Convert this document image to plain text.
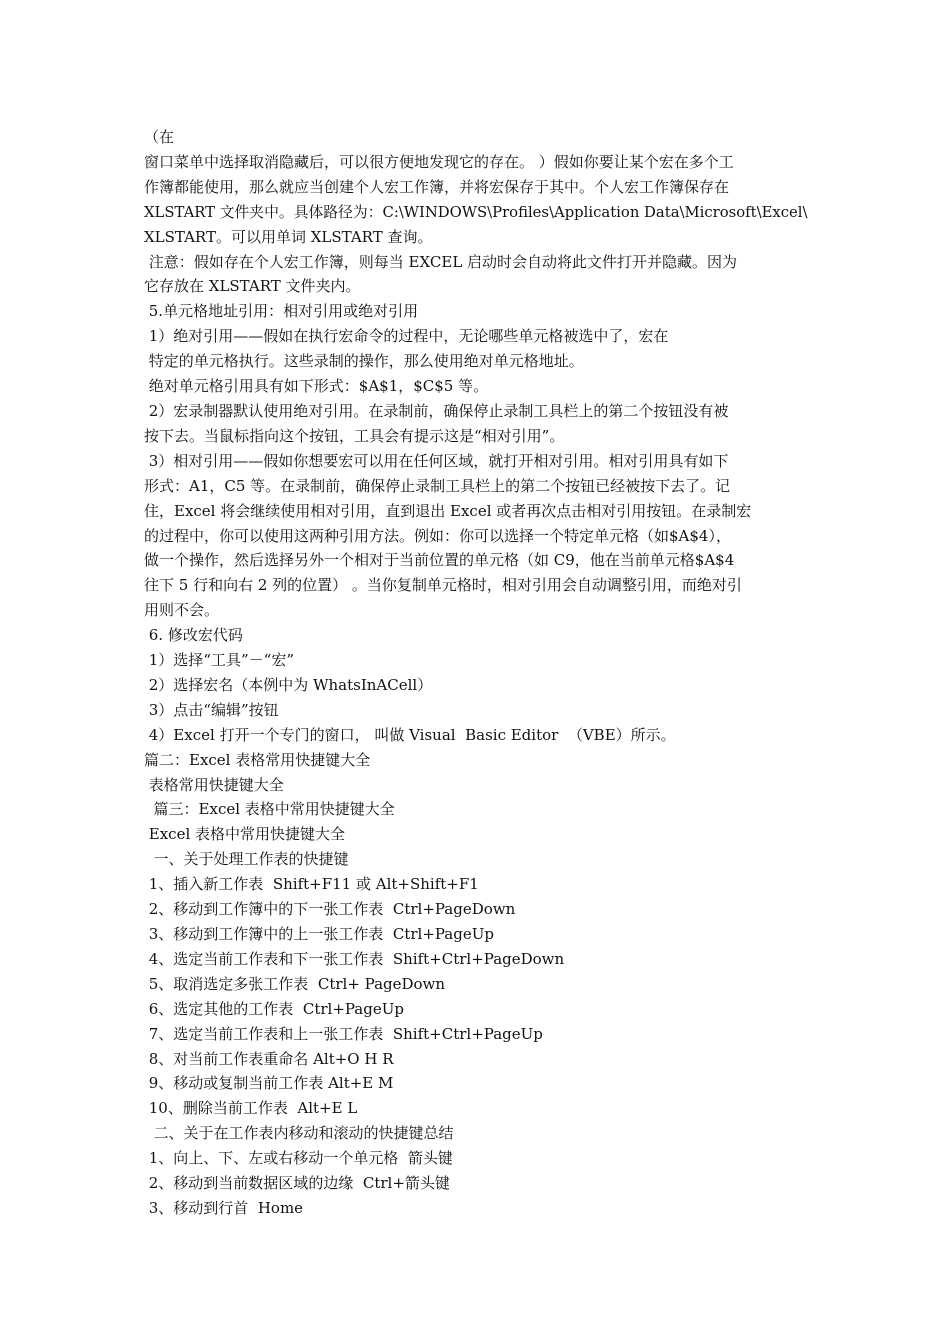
（在
窗口菜单中选择取消隐藏后，可以很方便地发现它的存在。 ）假如你要让某个宏在多个工
作簿都能使用，那么就应当创建个人宏工作簿，并将宏保存于其中。个人宏工作簿保存在
XLSTART 文件夹中。具体路径为：C:\WINDOWS\Profiles\Application Data\Microsoft\Excel\
XLSTART。可以用单词 XLSTART 查询。
注意：假如存在个人宏工作簿，则每当 EXCEL 启动时会自动将此文件打开并隐藏。因为
它存放在 XLSTART 文件夹内。
5.单元格地址引用：相对引用或绝对引用
1）绝对引用——假如在执行宏命令的过程中，无论哪些单元格被选中了，宏在
特定的单元格执行。这些录制的操作，那么使用绝对单元格地址。
绝对单元格引用具有如下形式：$A$1，$C$5 等。
2）宏录制器默认使用绝对引用。在录制前，确保停止录制工具栏上的第二个按钮没有被
按下去。当鼠标指向这个按钮，工具会有提示这是“相对引用”。
3）相对引用——假如你想要宏可以用在任何区域，就打开相对引用。相对引用具有如下
形式：A1，C5 等。在录制前，确保停止录制工具栏上的第二个按钮已经被按下去了。记
住，Excel 将会继续使用相对引用，直到退出 Excel 或者再次点击相对引用按钮。在录制宏
的过程中，你可以使用这两种引用方法。例如：你可以选择一个特定单元格（如$A$4），
做一个操作，然后选择另外一个相对于当前位置的单元格（如 C9，他在当前单元格$A$4
往下 5 行和向右 2 列的位置） 。当你复制单元格时，相对引用会自动调整引用，而绝对引
用则不会。
6. 修改宏代码
1）选择“工具”－“宏”
2）选择宏名（本例中为 WhatsInACell）
3）点击“编辑”按钮
4）Excel 打开一个专门的窗口， 叫做 Visual  Basic Editor  （VBE）所示。
篇二：Excel 表格常用快捷键大全
表格常用快捷键大全
篇三：Excel 表格中常用快捷键大全
Excel 表格中常用快捷键大全
一、关于处理工作表的快捷键
1、插入新工作表  Shift+F11 或 Alt+Shift+F1
2、移动到工作簿中的下一张工作表  Ctrl+PageDown
3、移动到工作簿中的上一张工作表  Ctrl+PageUp
4、选定当前工作表和下一张工作表  Shift+Ctrl+PageDown
5、取消选定多张工作表  Ctrl+ PageDown
6、选定其他的工作表  Ctrl+PageUp
7、选定当前工作表和上一张工作表  Shift+Ctrl+PageUp
8、对当前工作表重命名 Alt+O H R
9、移动或复制当前工作表 Alt+E M
10、删除当前工作表  Alt+E L
二、关于在工作表内移动和滚动的快捷键总结
1、向上、下、左或右移动一个单元格  箭头键
2、移动到当前数据区域的边缘  Ctrl+箭头键
3、移动到行首  Home
